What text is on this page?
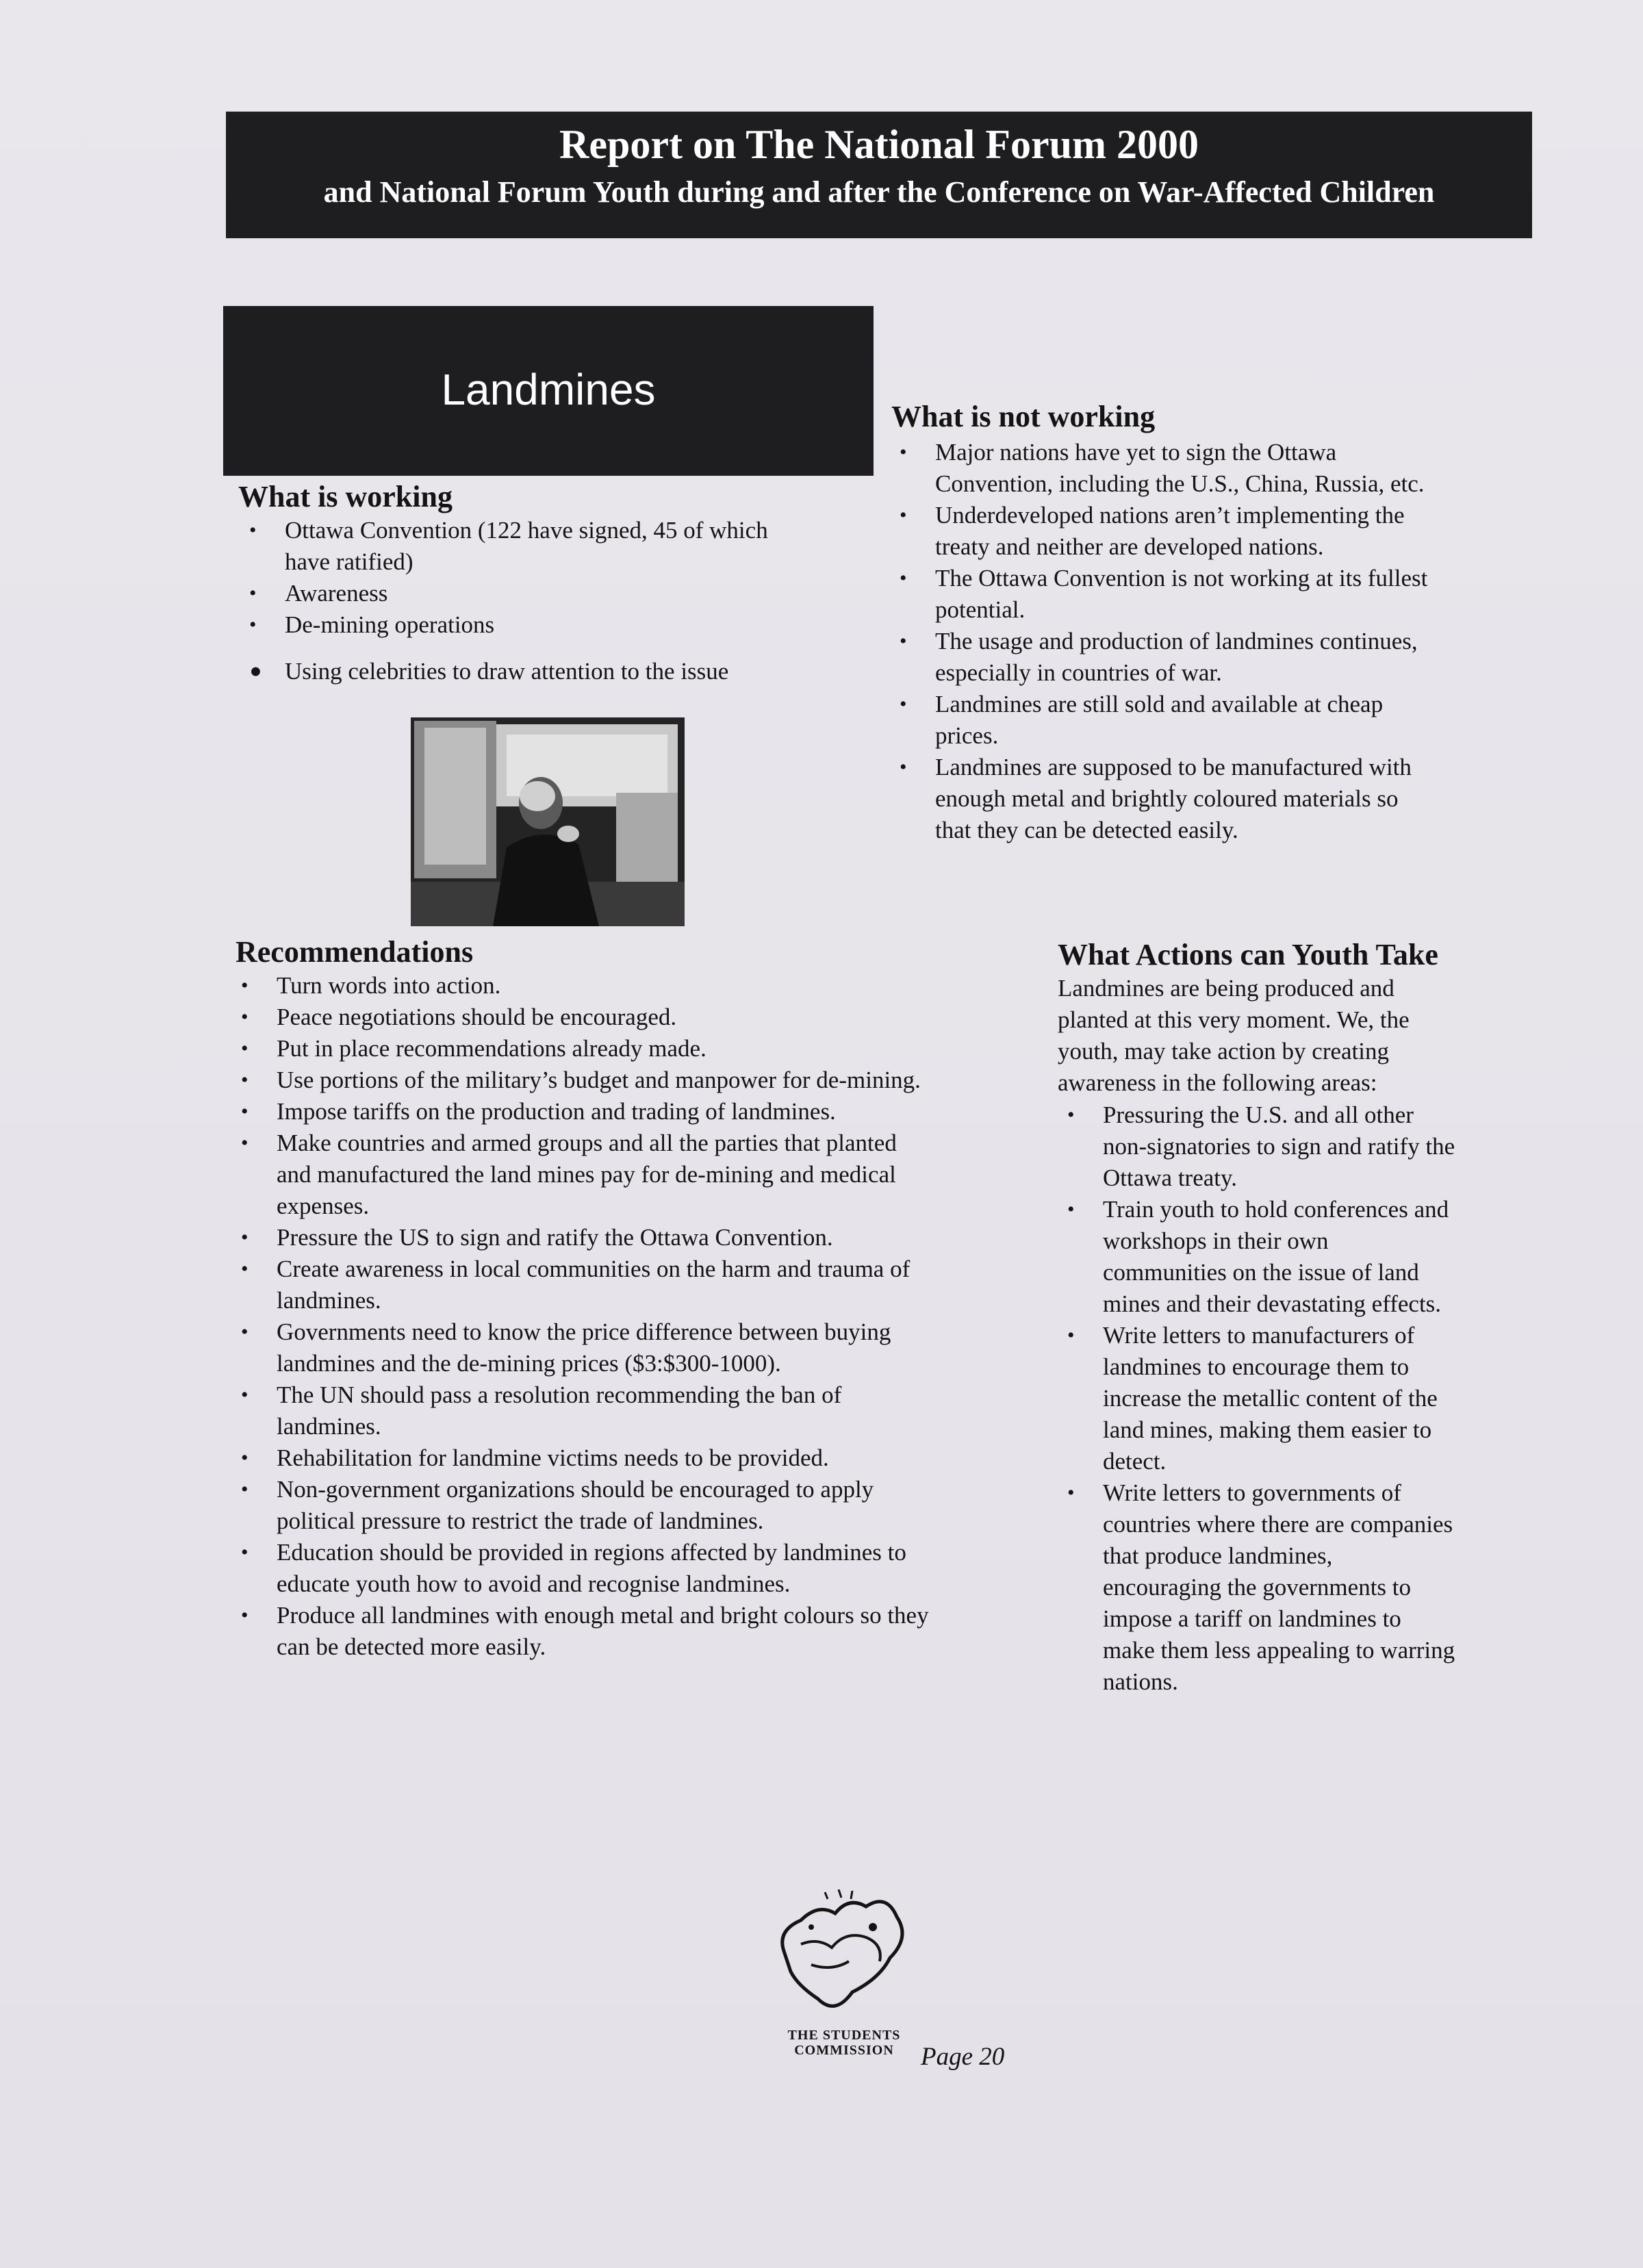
Report on The National Forum 2000
and National Forum Youth during and after the Conference on War-Affected Children
Landmines
What is working
• Ottawa Convention (122 have signed, 45 of which
have ratified)
• Awareness
• De-mining operations
• Using celebrities to draw attention to the issue
What is not working
• Major nations have yet to sign the Ottawa
Convention, including the U.S., China, Russia, etc.
• Underdeveloped nations aren’t implementing the
treaty and neither are developed nations.
• The Ottawa Convention is not working at its fullest
potential.
• The usage and production of landmines continues,
especially in countries of war.
• Landmines are still sold and available at cheap
prices.
• Landmines are supposed to be manufactured with
enough metal and brightly coloured materials so
that they can be detected easily.
Recommendations
• Turn words into action.
• Peace negotiations should be encouraged.
• Put in place recommendations already made.
• Use portions of the military’s budget and manpower for de-mining.
• Impose tariffs on the production and trading of landmines.
• Make countries and armed groups and all the parties that planted
and manufactured the land mines pay for de-mining and medical
expenses.
• Pressure the US to sign and ratify the Ottawa Convention.
• Create awareness in local communities on the harm and trauma of
landmines.
• Governments need to know the price difference between buying
landmines and the de-mining prices ($3:$300-1000).
• The UN should pass a resolution recommending the ban of
landmines.
• Rehabilitation for landmine victims needs to be provided.
• Non-government organizations should be encouraged to apply
political pressure to restrict the trade of landmines.
• Education should be provided in regions affected by landmines to
educate youth how to avoid and recognise landmines.
• Produce all landmines with enough metal and bright colours so they
can be detected more easily.
What Actions can Youth Take

Landmines are being produced and
planted at this very moment. We, the
youth, may take action by creating
awareness in the following areas:

• Pressuring the U.S. and all other
non-signatories to sign and ratify the
Ottawa treaty.
• Train youth to hold conferences and
workshops in their own
communities on the issue of land
mines and their devastating effects.
• Write letters to manufacturers of
landmines to encourage them to
increase the metallic content of the
land mines, making them easier to
detect.
• Write letters to governments of
countries where there are companies
that produce landmines,
encouraging the governments to
impose a tariff on landmines to
make them less appealing to warring
nations.
THE STUDENTS
COMMISSION	Page 20
